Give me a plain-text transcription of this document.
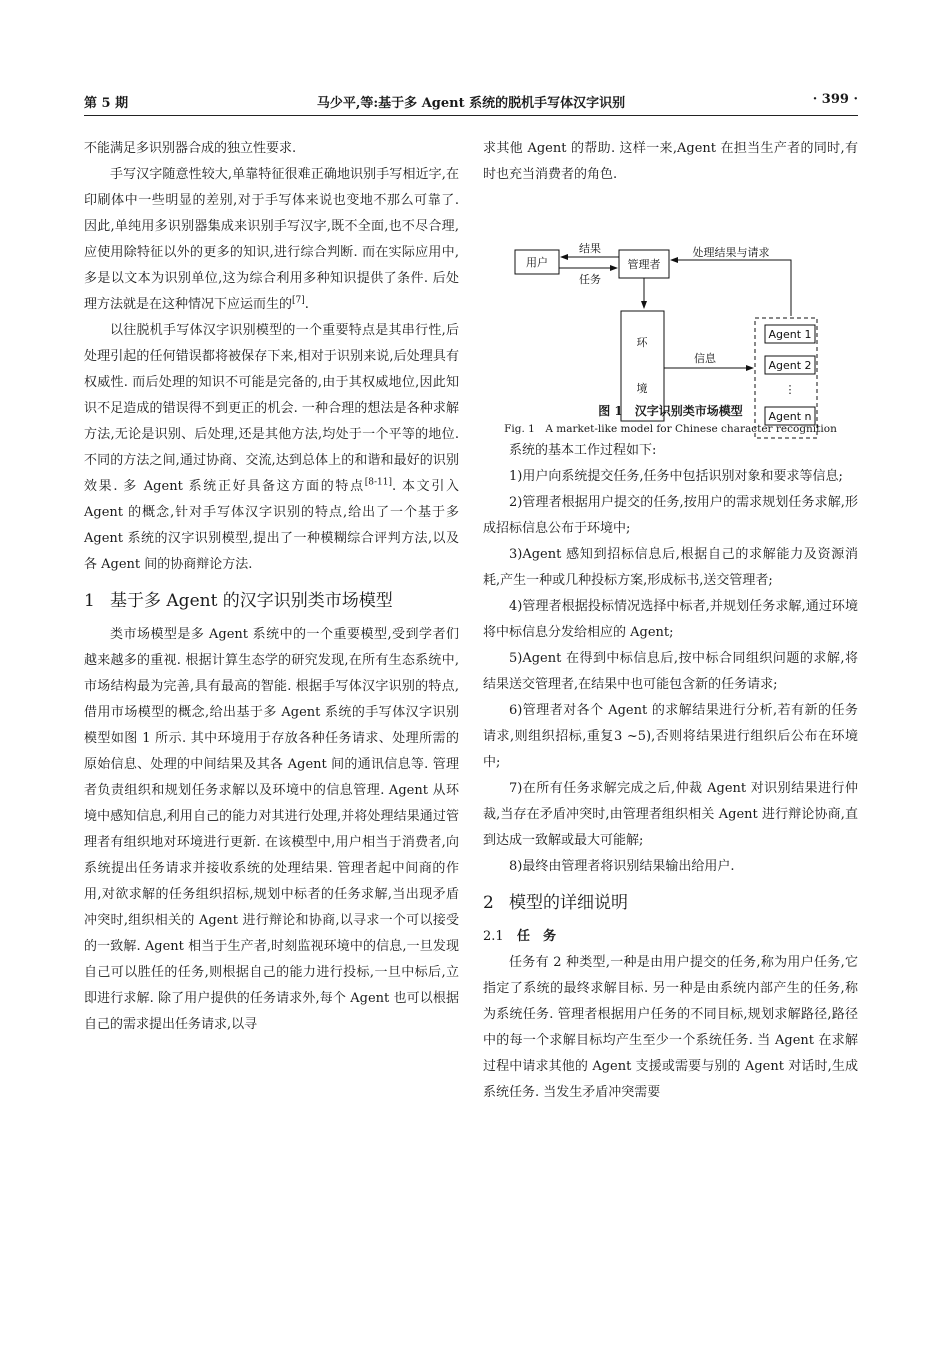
第 5 期	马少平,等:基于多 Agent 系统的脱机手写体汉字识别	· 399 ·

不能满足多识别器合成的独立性要求.

手写汉字随意性较大,单靠特征很难正确地识别手写相近字,在印刷体中一些明显的差别,对于手写体来说也变地不那么可靠了. 因此,单纯用多识别器集成来识别手写汉字,既不全面,也不尽合理,应使用除特征以外的更多的知识,进行综合判断. 而在实际应用中,多是以文本为识别单位,这为综合利用多种知识提供了条件. 后处理方法就是在这种情况下应运而生的[7].

以往脱机手写体汉字识别模型的一个重要特点是其串行性,后处理引起的任何错误都将被保存下来,相对于识别来说,后处理具有权威性. 而后处理的知识不可能是完备的,由于其权威地位,因此知识不足造成的错误得不到更正的机会. 一种合理的想法是各种求解方法,无论是识别、后处理,还是其他方法,均处于一个平等的地位. 不同的方法之间,通过协商、交流,达到总体上的和谐和最好的识别效果. 多 Agent 系统正好具备这方面的特点[8-11]. 本文引入 Agent 的概念,针对手写体汉字识别的特点,给出了一个基于多 Agent 系统的汉字识别模型,提出了一种模糊综合评判方法,以及各 Agent 间的协商辩论方法.

1 基于多 Agent 的汉字识别类市场模型

类市场模型是多 Agent 系统中的一个重要模型,受到学者们越来越多的重视. 根据计算生态学的研究发现,在所有生态系统中,市场结构最为完善,具有最高的智能. 根据手写体汉字识别的特点,借用市场模型的概念,给出基于多 Agent 系统的手写体汉字识别模型如图 1 所示. 其中环境用于存放各种任务请求、处理所需的原始信息、处理的中间结果及其各 Agent 间的通讯信息等. 管理者负责组织和规划任务求解以及环境中的信息管理. Agent 从环境中感知信息,利用自己的能力对其进行处理,并将处理结果通过管理者有组织地对环境进行更新. 在该模型中,用户相当于消费者,向系统提出任务请求并接收系统的处理结果. 管理者起中间商的作用,对欲求解的任务组织招标,规划中标者的任务求解,当出现矛盾冲突时,组织相关的 Agent 进行辩论和协商,以寻求一个可以接受的一致解. Agent 相当于生产者,时刻监视环境中的信息,一旦发现自己可以胜任的任务,则根据自己的能力进行投标,一旦中标后,立即进行求解. 除了用户提供的任务请求外,每个 Agent 也可以根据自己的需求提出任务请求,以寻

求其他 Agent 的帮助. 这样一来,Agent 在担当生产者的同时,有时也充当消费者的角色.

用户	管理者
结果
任务
处理结果与请求
环
境
信息
Agent 1
Agent 2
⋮
Agent n
图 1　汉字识别类市场模型
Fig. 1　A market-like model for Chinese character recognition

系统的基本工作过程如下:

1)用户向系统提交任务,任务中包括识别对象和要求等信息;

2)管理者根据用户提交的任务,按用户的需求规划任务求解,形成招标信息公布于环境中;

3)Agent 感知到招标信息后,根据自己的求解能力及资源消耗,产生一种或几种投标方案,形成标书,送交管理者;

4)管理者根据投标情况选择中标者,并规划任务求解,通过环境将中标信息分发给相应的 Agent;

5)Agent 在得到中标信息后,按中标合同组织问题的求解,将结果送交管理者,在结果中也可能包含新的任务请求;

6)管理者对各个 Agent 的求解结果进行分析,若有新的任务请求,则组织招标,重复3 ~5),否则将结果进行组织后公布在环境中;

7)在所有任务求解完成之后,仲裁 Agent 对识别结果进行仲裁,当存在矛盾冲突时,由管理者组织相关 Agent 进行辩论协商,直到达成一致解或最大可能解;

8)最终由管理者将识别结果输出给用户.

2 模型的详细说明
2.1 任　务

任务有 2 种类型,一种是由用户提交的任务,称为用户任务,它指定了系统的最终求解目标. 另一种是由系统内部产生的任务,称为系统任务. 管理者根据用户任务的不同目标,规划求解路径,路径中的每一个求解目标均产生至少一个系统任务. 当 Agent 在求解过程中请求其他的 Agent 支援或需要与别的 Agent 对话时,生成系统任务. 当发生矛盾冲突需要
